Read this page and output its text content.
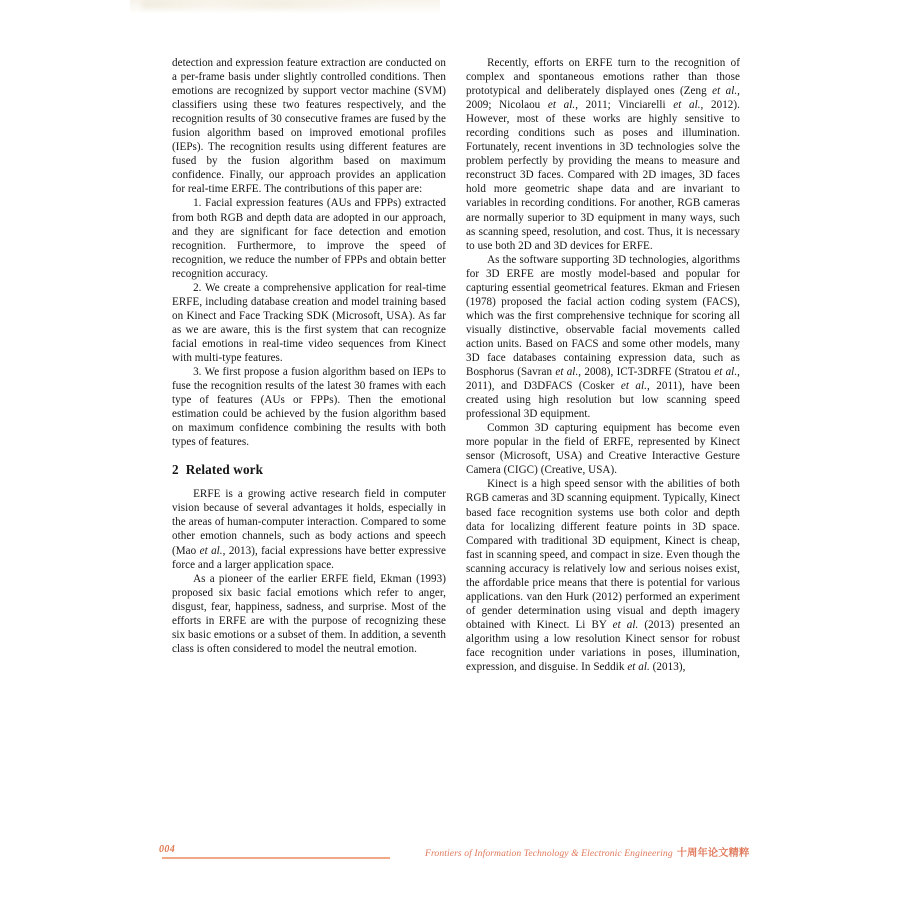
detection and expression feature extraction are conducted on a per-frame basis under slightly controlled conditions. Then emotions are recognized by support vector machine (SVM) classifiers using these two features respectively, and the recognition results of 30 consecutive frames are fused by the fusion algorithm based on improved emotional profiles (IEPs). The recognition results using different features are fused by the fusion algorithm based on maximum confidence. Finally, our approach provides an application for real-time ERFE. The contributions of this paper are:

1. Facial expression features (AUs and FPPs) extracted from both RGB and depth data are adopted in our approach, and they are significant for face detection and emotion recognition. Furthermore, to improve the speed of recognition, we reduce the number of FPPs and obtain better recognition accuracy.

2. We create a comprehensive application for real-time ERFE, including database creation and model training based on Kinect and Face Tracking SDK (Microsoft, USA). As far as we are aware, this is the first system that can recognize facial emotions in real-time video sequences from Kinect with multi-type features.

3. We first propose a fusion algorithm based on IEPs to fuse the recognition results of the latest 30 frames with each type of features (AUs or FPPs). Then the emotional estimation could be achieved by the fusion algorithm based on maximum confidence combining the results with both types of features.

2 Related work

ERFE is a growing active research field in computer vision because of several advantages it holds, especially in the areas of human-computer interaction. Compared to some other emotion channels, such as body actions and speech (Mao et al., 2013), facial expressions have better expressive force and a larger application space.

As a pioneer of the earlier ERFE field, Ekman (1993) proposed six basic facial emotions which refer to anger, disgust, fear, happiness, sadness, and surprise. Most of the efforts in ERFE are with the purpose of recognizing these six basic emotions or a subset of them. In addition, a seventh class is often considered to model the neutral emotion.

Recently, efforts on ERFE turn to the recognition of complex and spontaneous emotions rather than those prototypical and deliberately displayed ones (Zeng et al., 2009; Nicolaou et al., 2011; Vinciarelli et al., 2012). However, most of these works are highly sensitive to recording conditions such as poses and illumination. Fortunately, recent inventions in 3D technologies solve the problem perfectly by providing the means to measure and reconstruct 3D faces. Compared with 2D images, 3D faces hold more geometric shape data and are invariant to variables in recording conditions. For another, RGB cameras are normally superior to 3D equipment in many ways, such as scanning speed, resolution, and cost. Thus, it is necessary to use both 2D and 3D devices for ERFE.

As the software supporting 3D technologies, algorithms for 3D ERFE are mostly model-based and popular for capturing essential geometrical features. Ekman and Friesen (1978) proposed the facial action coding system (FACS), which was the first comprehensive technique for scoring all visually distinctive, observable facial movements called action units. Based on FACS and some other models, many 3D face databases containing expression data, such as Bosphorus (Savran et al., 2008), ICT-3DRFE (Stratou et al., 2011), and D3DFACS (Cosker et al., 2011), have been created using high resolution but low scanning speed professional 3D equipment.

Common 3D capturing equipment has become even more popular in the field of ERFE, represented by Kinect sensor (Microsoft, USA) and Creative Interactive Gesture Camera (CIGC) (Creative, USA).

Kinect is a high speed sensor with the abilities of both RGB cameras and 3D scanning equipment. Typically, Kinect based face recognition systems use both color and depth data for localizing different feature points in 3D space. Compared with traditional 3D equipment, Kinect is cheap, fast in scanning speed, and compact in size. Even though the scanning accuracy is relatively low and serious noises exist, the affordable price means that there is potential for various applications. van den Hurk (2012) performed an experiment of gender determination using visual and depth imagery obtained with Kinect. Li BY et al. (2013) presented an algorithm using a low resolution Kinect sensor for robust face recognition under variations in poses, illumination, expression, and disguise. In Seddik et al. (2013),

004	Frontiers of Information Technology & Electronic Engineering 十周年论文精粹
